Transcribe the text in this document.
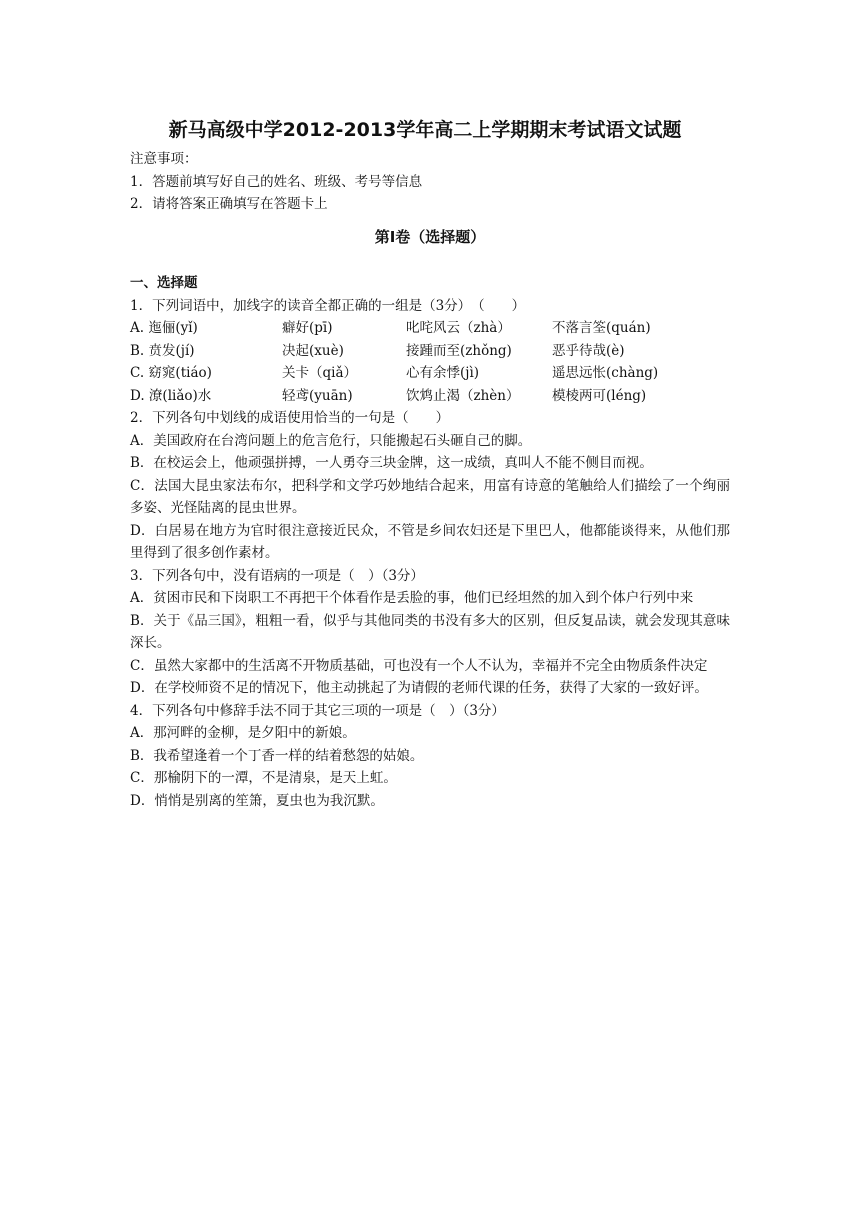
新马高级中学2012-2013学年高二上学期期末考试语文试题
注意事项：
1．答题前填写好自己的姓名、班级、考号等信息
2．请将答案正确填写在答题卡上
第I卷（选择题）
一、选择题
1．下列词语中，加线字的读音全都正确的一组是（3分）　（　　）
A. 迤俪(yǐ)	癖好(pī)	叱咤风云（zhà）	不落言筌(quán)
B. 贲发(jí)	决起(xuè)	接踵而至(zhǒng)	恶乎待哉(è)
C. 窈窕(tiáo)	关卡（qiǎ）	心有余悸(jì)	遥思远怅(chàng)
D. 潦(liǎo)水	轻鸢(yuān)	饮鸩止渴（zhèn）	模棱两可(léng)
2．下列各句中划线的成语使用恰当的一句是（　　）
A．美国政府在台湾问题上的危言危行，只能搬起石头砸自己的脚。
B．在校运会上，他顽强拼搏，一人勇夺三块金牌，这一成绩，真叫人不能不侧目而视。
C．法国大昆虫家法布尔，把科学和文学巧妙地结合起来，用富有诗意的笔触给人们描绘了一个绚丽多姿、光怪陆离的昆虫世界。
D．白居易在地方为官时很注意接近民众，不管是乡间农妇还是下里巴人，他都能谈得来，从他们那里得到了很多创作素材。
3．下列各句中，没有语病的一项是（　）（3分）
A．贫困市民和下岗职工不再把干个体看作是丢脸的事，他们已经坦然的加入到个体户行列中来
B．关于《品三国》，粗粗一看，似乎与其他同类的书没有多大的区别，但反复品读，就会发现其意味深长。
C．虽然大家都中的生活离不开物质基础，可也没有一个人不认为，幸福并不完全由物质条件决定
D．在学校师资不足的情况下，他主动挑起了为请假的老师代课的任务，获得了大家的一致好评。
4．下列各句中修辞手法不同于其它三项的一项是（　）（3分）
A．那河畔的金柳，是夕阳中的新娘。
B．我希望逢着一个丁香一样的结着愁怨的姑娘。
C．那榆阴下的一潭，不是清泉，是天上虹。
D．悄悄是别离的笙箫，夏虫也为我沉默。
